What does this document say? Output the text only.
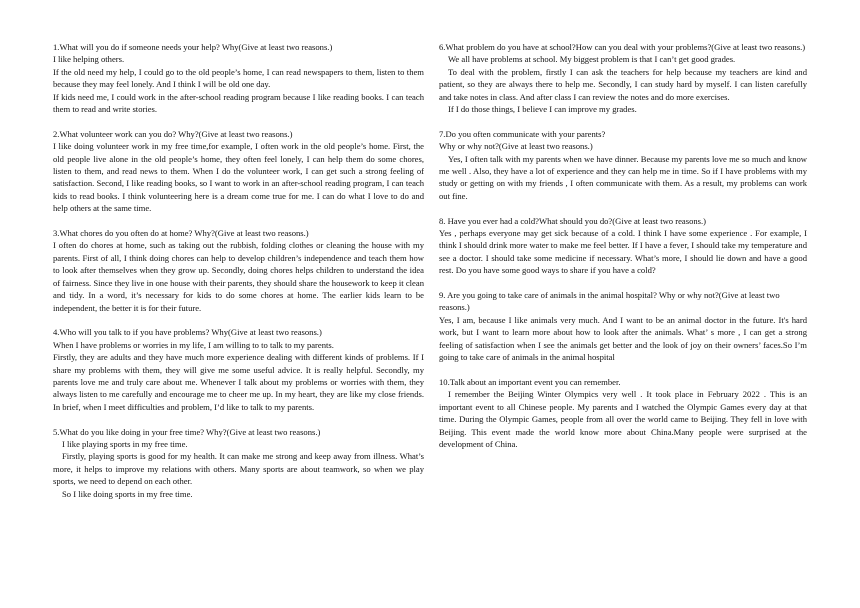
1.What will you do if someone needs your help? Why(Give at least two reasons.)

I like helping others.

If the old need my help, I could go to the old people’s home, I can read newspapers to them, listen to them because they may feel lonely. And I think I will be old one day.

If kids need me, I could work in the after-school reading program because I like reading books. I can teach them to read and write stories.

2.What volunteer work can you do? Why?(Give at least two reasons.)

I like doing volunteer work in my free time,for example, I often work in the old people’s home. First, the old people live alone in the old people’s home, they often feel lonely, I can help them do some chores, listen to them, and read news to them. When I do the volunteer work, I can get such a strong feeling of satisfaction. Second, I like reading books, so I want to work in an after-school reading program, I can teach kids to read books. I think volunteering here is a dream come true for me. I can do what I love to do and help others at the same time.

3.What chores do you often do at home? Why?(Give at least two reasons.)

I often do chores at home, such as taking out the rubbish, folding clothes or cleaning the house with my parents. First of all, I think doing chores can help to develop children’s independence and teach them how to look after themselves when they grow up. Secondly, doing chores helps children to understand the idea of fairness. Since they live in one house with their parents, they should share the housework to keep it clean and tidy. In a word, it’s necessary for kids to do some chores at home. The earlier kids learn to be independent, the better it is for their future.

4.Who will you talk to if you have problems? Why(Give at least two reasons.)

When I have problems or worries in my life, I am willing to to talk to my parents.

Firstly, they are adults and they have much more experience dealing with different kinds of problems. If I share my problems with them, they will give me some useful advice. It is really helpful. Secondly, my parents love me and truly care about me. Whenever I talk about my problems or worries with them, they always listen to me carefully and encourage me to cheer me up. In my heart, they are like my close friends. In brief, when I meet difficulties and problem, I’d like to talk to my parents.

5.What do you like doing in your free time? Why?(Give at least two reasons.)

I like playing sports in my free time.

Firstly, playing sports is good for my health. It can make me strong and keep away from illness. What’s more, it helps to improve my relations with others. Many sports are about teamwork, so when we play sports, we need to depend on each other.

So I like doing sports in my free time.

6.What problem do you have at school?How can you deal with your problems?(Give at least two reasons.)

We all have problems at school. My biggest problem is that I can’t get good grades.

To deal with the problem, firstly I can ask the teachers for help because my teachers are kind and patient, so they are always there to help me. Secondly, I can study hard by myself. I can listen carefully and take notes in class. And after class I can review the notes and do more exercises.

If I do those things, I believe I can improve my grades.

7.Do you often communicate with your parents?

Why or why not?(Give at least two reasons.)

Yes, I often talk with my parents when we have dinner. Because my parents love me so much and know me well . Also, they have a lot of experience and they can help me in time. So if I have problems with my study or getting on with my friends , I often communicate with them. As a result, my problems can work out fine.

8. Have you ever had a cold?What should you do?(Give at least two reasons.)

Yes , perhaps everyone may get sick because of a cold. I think I have some experience . For example, I think I should drink more water to make me feel better. If I have a fever, I should take my temperature and see a doctor. I should take some medicine if necessary. What’s more, I should lie down and have a good rest. Do you have some good ways to share if you have a cold?

9. Are you going to take care of animals in the animal hospital? Why or why not?(Give at least two reasons.)

Yes, I am, because I like animals very much. And I want to be an animal doctor in the future. It's hard work, but I want to learn more about how to look after the animals. What’ s more , I can get a strong feeling of satisfaction when I see the animals get better and the look of joy on their owners’ faces.So I’m going to take care of animals in the animal hospital

10.Talk about an important event you can remember.

I remember the Beijing Winter Olympics very well . It took place in February 2022 . This is an important event to all Chinese people. My parents and I watched the Olympic Games every day at that time. During the Olympic Games, people from all over the world came to Beijing. They fell in love with Beijing. This event made the world know more about China.Many people were surprised at the development of China.
